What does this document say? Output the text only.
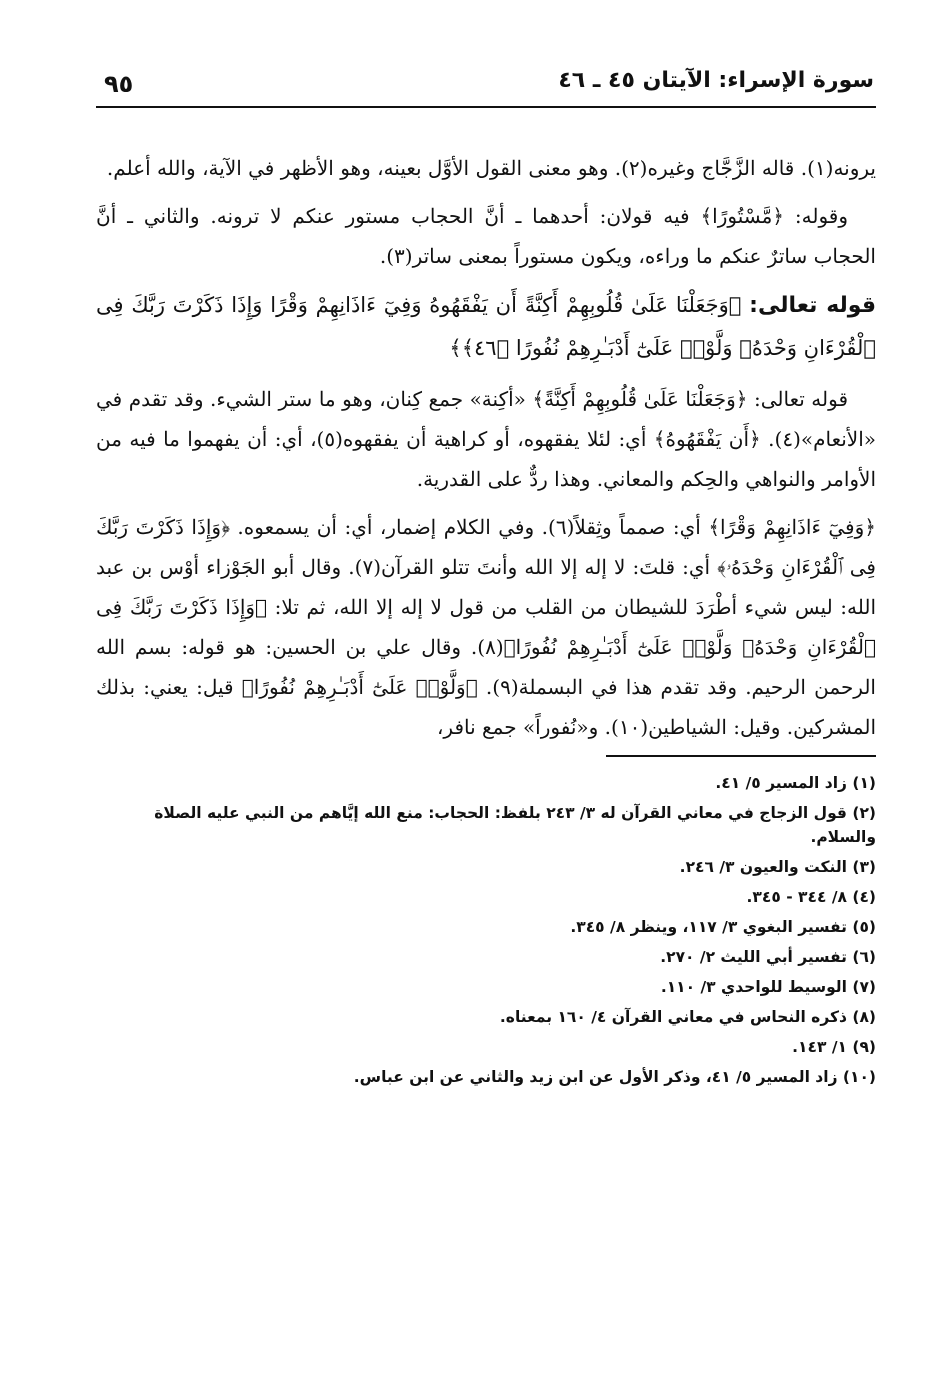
سورة الإسراء: الآيتان ٤٥ ـ ٤٦
٩٥

يرونه(١). قاله الزَّجَّاج وغيره(٢). وهو معنى القول الأوَّل بعينه، وهو الأظهر في الآية، والله أعلم.

وقوله: ﴿مَّسْتُورًا﴾ فيه قولان: أحدهما ـ أنَّ الحجاب مستور عنكم لا ترونه. والثاني ـ أنَّ الحجاب ساترٌ عنكم ما وراءه، ويكون مستوراً بمعنى ساتر(٣).

قوله تعالى: ﴿وَجَعَلْنَا عَلَىٰ قُلُوبِهِمْ أَكِنَّةً أَن يَفْقَهُوهُ وَفِيٓ ءَاذَانِهِمْ وَقْرًا وَإِذَا ذَكَرْتَ رَبَّكَ فِى ٱلْقُرْءَانِ وَحْدَهُۥ وَلَّوْا۟ عَلَىٰٓ أَدْبَـٰرِهِمْ نُفُورًا ﴿٤٦﴾﴾

قوله تعالى: ﴿وَجَعَلْنَا عَلَىٰ قُلُوبِهِمْ أَكِنَّةً﴾ «أكِنة» جمع كِنان، وهو ما ستر الشيء. وقد تقدم في «الأنعام»(٤). ﴿أَن يَفْقَهُوهُ﴾ أي: لئلا يفقهوه، أو كراهية أن يفقهوه(٥)، أي: أن يفهموا ما فيه من الأوامر والنواهي والحِكم والمعاني. وهذا ردٌّ على القدرية.

﴿وَفِيٓ ءَاذَانِهِمْ وَقْرًا﴾ أي: صمماً وثِقلاً(٦). وفي الكلام إضمار، أي: أن يسمعوه. ﴿وَإِذَا ذَكَرْتَ رَبَّكَ فِى ٱلْقُرْءَانِ وَحْدَهُۥ﴾ أي: قلتَ: لا إله إلا الله وأنتَ تتلو القرآن(٧). وقال أبو الجَوْزاء أوْس بن عبد الله: ليس شيء أطْرَدَ للشيطان من القلب من قول لا إله إلا الله، ثم تلا: ﴿وَإِذَا ذَكَرْتَ رَبَّكَ فِى ٱلْقُرْءَانِ وَحْدَهُۥ وَلَّوْا۟ عَلَىٰٓ أَدْبَـٰرِهِمْ نُفُورًا﴾(٨). وقال علي بن الحسين: هو قوله: بسم الله الرحمن الرحيم. وقد تقدم هذا في البسملة(٩). ﴿وَلَّوْا۟ عَلَىٰٓ أَدْبَـٰرِهِمْ نُفُورًا﴾ قيل: يعني: بذلك المشركين. وقيل: الشياطين(١٠). و«نُفوراً» جمع نافر،

(١) زاد المسير ٥/ ٤١.
(٢) قول الزجاج في معاني القرآن له ٣/ ٢٤٣ بلفظ: الحجاب: منع الله إيَّاهم من النبي عليه الصلاة والسلام.
(٣) النكت والعيون ٣/ ٢٤٦.
(٤) ٨/ ٣٤٤ - ٣٤٥.
(٥) تفسير البغوي ٣/ ١١٧، وينظر ٨/ ٣٤٥.
(٦) تفسير أبي الليث ٢/ ٢٧٠.
(٧) الوسيط للواحدي ٣/ ١١٠.
(٨) ذكره النحاس في معاني القرآن ٤/ ١٦٠ بمعناه.
(٩) ١/ ١٤٣.
(١٠) زاد المسير ٥/ ٤١، وذكر الأول عن ابن زيد والثاني عن ابن عباس.
